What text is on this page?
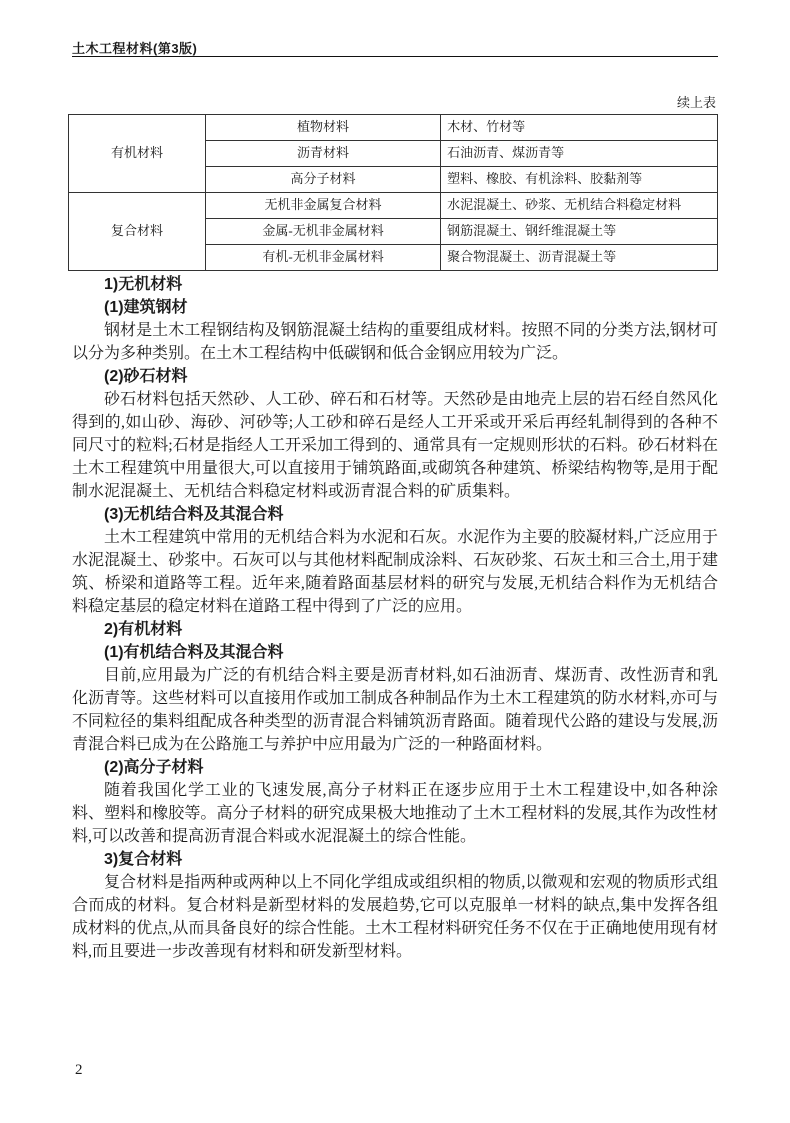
土木工程材料(第3版)
续上表
有机材料	植物材料	木材、竹材等
	沥青材料	石油沥青、煤沥青等
	高分子材料	塑料、橡胶、有机涂料、胶黏剂等
复合材料	无机非金属复合材料	水泥混凝土、砂浆、无机结合料稳定材料
	金属-无机非金属材料	钢筋混凝土、钢纤维混凝土等
	有机-无机非金属材料	聚合物混凝土、沥青混凝土等

1)无机材料

(1)建筑钢材

钢材是土木工程钢结构及钢筋混凝土结构的重要组成材料。按照不同的分类方法,钢材可以分为多种类别。在土木工程结构中低碳钢和低合金钢应用较为广泛。

(2)砂石材料

砂石材料包括天然砂、人工砂、碎石和石材等。天然砂是由地壳上层的岩石经自然风化得到的,如山砂、海砂、河砂等;人工砂和碎石是经人工开采或开采后再经轧制得到的各种不同尺寸的粒料;石材是指经人工开采加工得到的、通常具有一定规则形状的石料。砂石材料在土木工程建筑中用量很大,可以直接用于铺筑路面,或砌筑各种建筑、桥梁结构物等,是用于配制水泥混凝土、无机结合料稳定材料或沥青混合料的矿质集料。

(3)无机结合料及其混合料

土木工程建筑中常用的无机结合料为水泥和石灰。水泥作为主要的胶凝材料,广泛应用于水泥混凝土、砂浆中。石灰可以与其他材料配制成涂料、石灰砂浆、石灰土和三合土,用于建筑、桥梁和道路等工程。近年来,随着路面基层材料的研究与发展,无机结合料作为无机结合料稳定基层的稳定材料在道路工程中得到了广泛的应用。

2)有机材料

(1)有机结合料及其混合料

目前,应用最为广泛的有机结合料主要是沥青材料,如石油沥青、煤沥青、改性沥青和乳化沥青等。这些材料可以直接用作或加工制成各种制品作为土木工程建筑的防水材料,亦可与不同粒径的集料组配成各种类型的沥青混合料铺筑沥青路面。随着现代公路的建设与发展,沥青混合料已成为在公路施工与养护中应用最为广泛的一种路面材料。

(2)高分子材料

随着我国化学工业的飞速发展,高分子材料正在逐步应用于土木工程建设中,如各种涂料、塑料和橡胶等。高分子材料的研究成果极大地推动了土木工程材料的发展,其作为改性材料,可以改善和提高沥青混合料或水泥混凝土的综合性能。

3)复合材料

复合材料是指两种或两种以上不同化学组成或组织相的物质,以微观和宏观的物质形式组合而成的材料。复合材料是新型材料的发展趋势,它可以克服单一材料的缺点,集中发挥各组成材料的优点,从而具备良好的综合性能。土木工程材料研究任务不仅在于正确地使用现有材料,而且要进一步改善现有材料和研发新型材料。

2
